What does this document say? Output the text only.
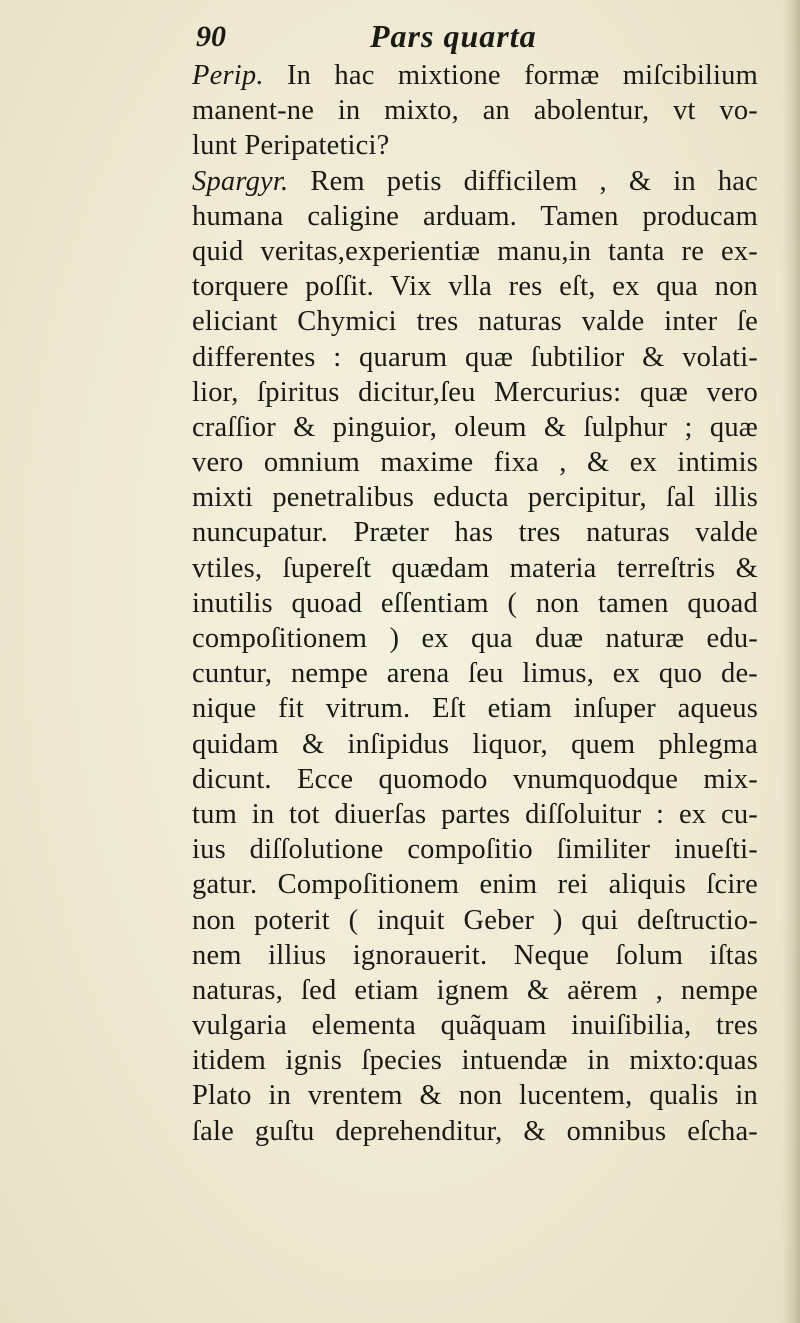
90	Pars quarta
Perip. In hac mixtione formæ miſcibilium
manent-ne in mixto, an abolentur, vt vo-
lunt Peripatetici?
Spargyr. Rem petis difficilem , & in hac
humana caligine arduam. Tamen producam
quid veritas,experientiæ manu,in tanta re ex-
torquere poſſit. Vix vlla res eſt, ex qua non
eliciant Chymici tres naturas valde inter ſe
differentes : quarum quæ ſubtilior & volati-
lior, ſpiritus dicitur,ſeu Mercurius: quæ vero
craſſior & pinguior, oleum & ſulphur ; quæ
vero omnium maxime fixa , & ex intimis
mixti penetralibus educta percipitur, ſal illis
nuncupatur. Præter has tres naturas valde
vtiles, ſupereſt quædam materia terreſtris &
inutilis quoad eſſentiam ( non tamen quoad
compoſitionem ) ex qua duæ naturæ edu-
cuntur, nempe arena ſeu limus, ex quo de-
nique fit vitrum. Eſt etiam inſuper aqueus
quidam & inſipidus liquor, quem phlegma
dicunt. Ecce quomodo vnumquodque mix-
tum in tot diuerſas partes diſſoluitur : ex cu-
ius diſſolutione compoſitio ſimiliter inueſti-
gatur. Compoſitionem enim rei aliquis ſcire
non poterit ( inquit Geber ) qui deſtructio-
nem illius ignorauerit. Neque ſolum iſtas
naturas, ſed etiam ignem & aërem , nempe
vulgaria elementa quãquam inuiſibilia, tres
itidem ignis ſpecies intuendæ in mixto:quas
Plato in vrentem & non lucentem, qualis in
ſale guſtu deprehenditur, & omnibus eſcha-
